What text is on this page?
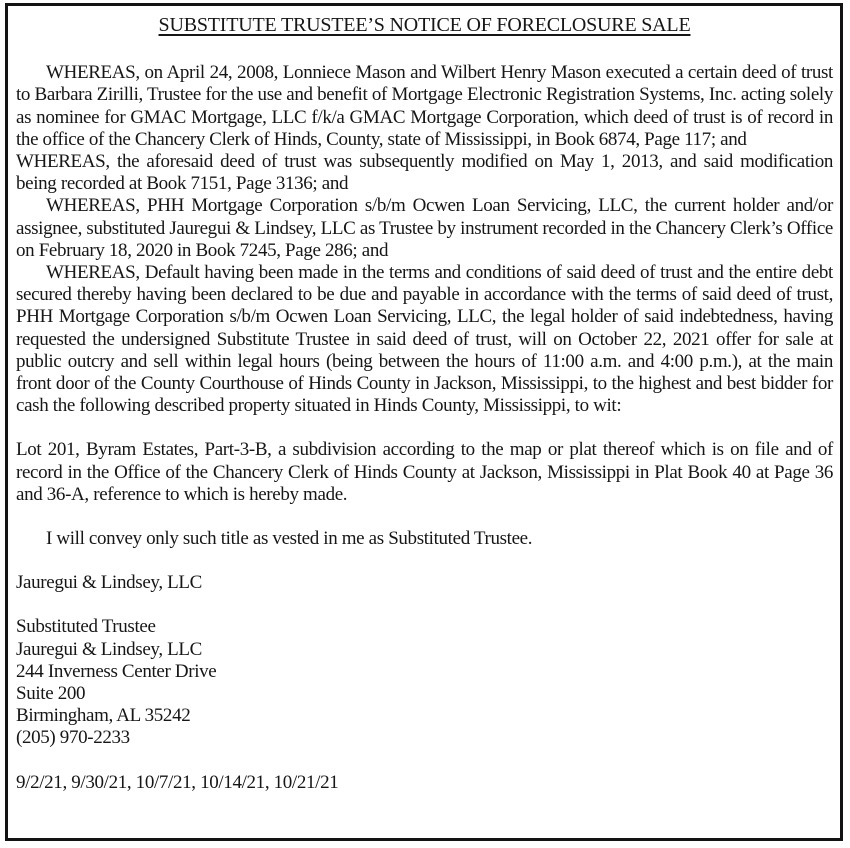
SUBSTITUTE TRUSTEE’S NOTICE OF FORECLOSURE SALE

WHEREAS, on April 24, 2008, Lonniece Mason and Wilbert Henry Mason executed a certain deed of trust to Barbara Zirilli, Trustee for the use and benefit of Mortgage Electronic Registration Systems, Inc. acting solely as nominee for GMAC Mortgage, LLC f/k/a GMAC Mortgage Corporation, which deed of trust is of record in the office of the Chancery Clerk of Hinds, County, state of Mississippi, in Book 6874, Page 117; and

WHEREAS, the aforesaid deed of trust was subsequently modified on May 1, 2013, and said modification being recorded at Book 7151, Page 3136; and

WHEREAS, PHH Mortgage Corporation s/b/m Ocwen Loan Servicing, LLC, the current holder and/or assignee, substituted Jauregui & Lindsey, LLC as Trustee by instrument recorded in the Chancery Clerk’s Office on February 18, 2020 in Book 7245, Page 286; and

WHEREAS, Default having been made in the terms and conditions of said deed of trust and the entire debt secured thereby having been declared to be due and payable in accordance with the terms of said deed of trust, PHH Mortgage Corporation s/b/m Ocwen Loan Servicing, LLC, the legal holder of said indebtedness, having requested the undersigned Substitute Trustee in said deed of trust, will on October 22, 2021 offer for sale at public outcry and sell within legal hours (being between the hours of 11:00 a.m. and 4:00 p.m.), at the main front door of the County Courthouse of Hinds County in Jackson, Mississippi, to the highest and best bidder for cash the following described property situated in Hinds County, Mississippi, to wit:

Lot 201, Byram Estates, Part-3-B, a subdivision according to the map or plat thereof which is on file and of record in the Office of the Chancery Clerk of Hinds County at Jackson, Mississippi in Plat Book 40 at Page 36 and 36-A, reference to which is hereby made.

I will convey only such title as vested in me as Substituted Trustee.

Jauregui & Lindsey, LLC
Substituted Trustee
Jauregui & Lindsey, LLC
244 Inverness Center Drive
Suite 200
Birmingham, AL 35242
(205) 970-2233
9/2/21, 9/30/21, 10/7/21, 10/14/21, 10/21/21
